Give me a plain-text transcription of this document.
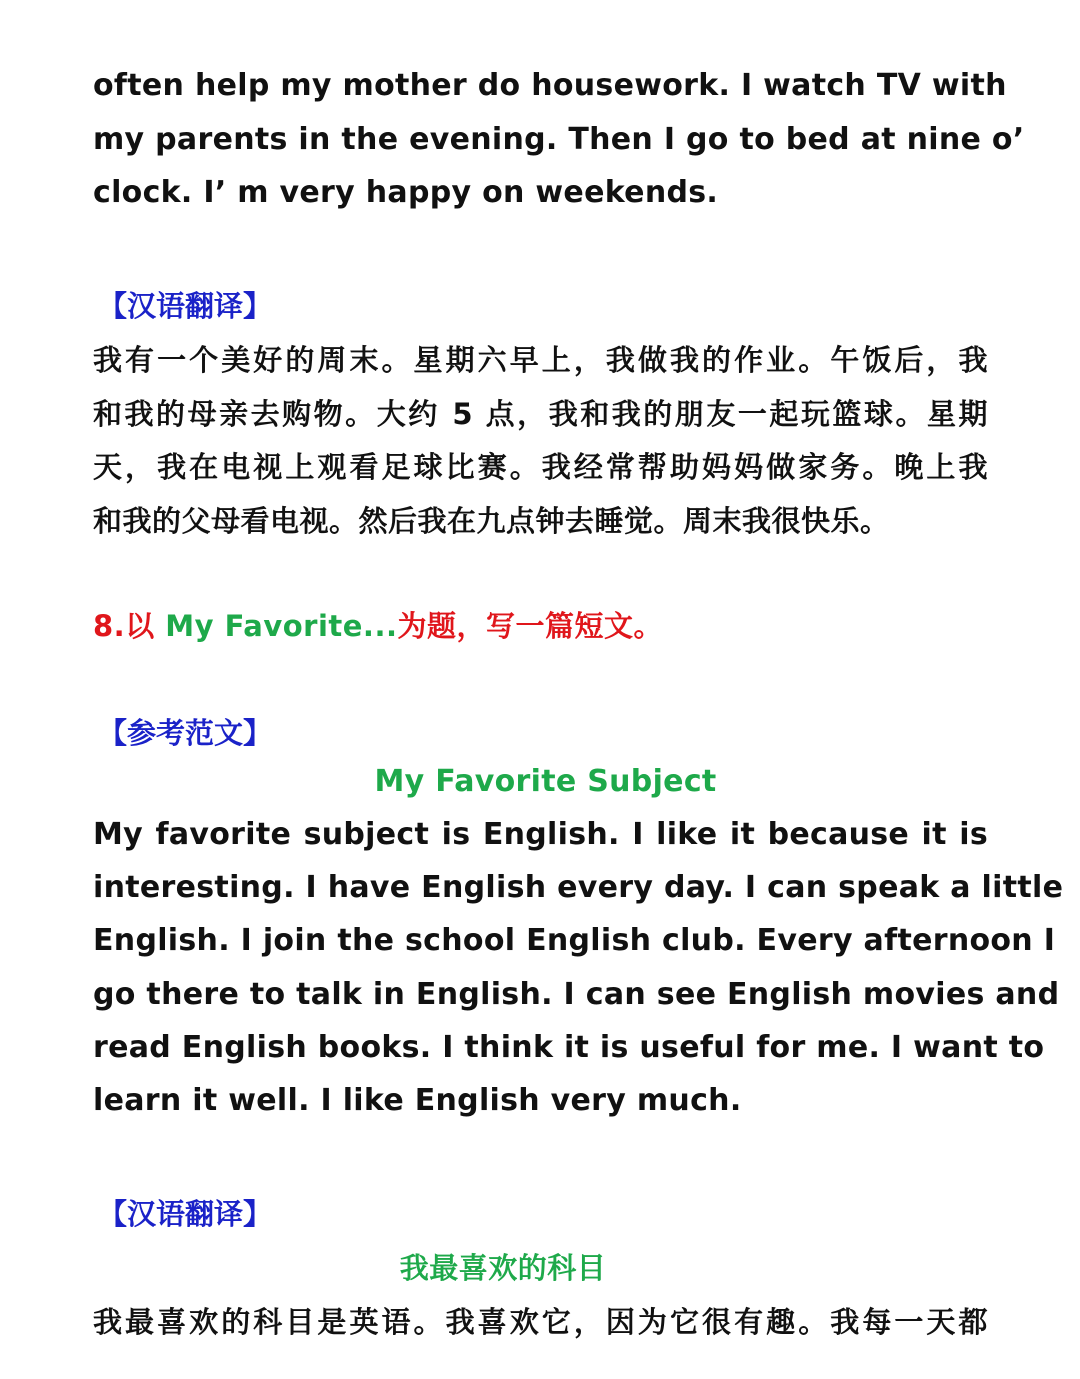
often help my mother do housework. I watch TV with
my parents in the evening. Then I go to bed at nine o’
clock. I’ m very happy on weekends.
【汉语翻译】
我有一个美好的周末。星期六早上，我做我的作业。午饭后，我
和我的母亲去购物。大约 5 点，我和我的朋友一起玩篮球。星期
天，我在电视上观看足球比赛。我经常帮助妈妈做家务。晚上我
和我的父母看电视。然后我在九点钟去睡觉。周末我很快乐。
8.以 My Favorite...为题，写一篇短文。
【参考范文】
My Favorite Subject
My favorite subject is English. I like it because it is
interesting. I have English every day. I can speak a little
English. I join the school English club. Every afternoon I
go there to talk in English. I can see English movies and
read English books. I think it is useful for me. I want to
learn it well. I like English very much.
【汉语翻译】
我最喜欢的科目
我最喜欢的科目是英语。我喜欢它，因为它很有趣。我每一天都
